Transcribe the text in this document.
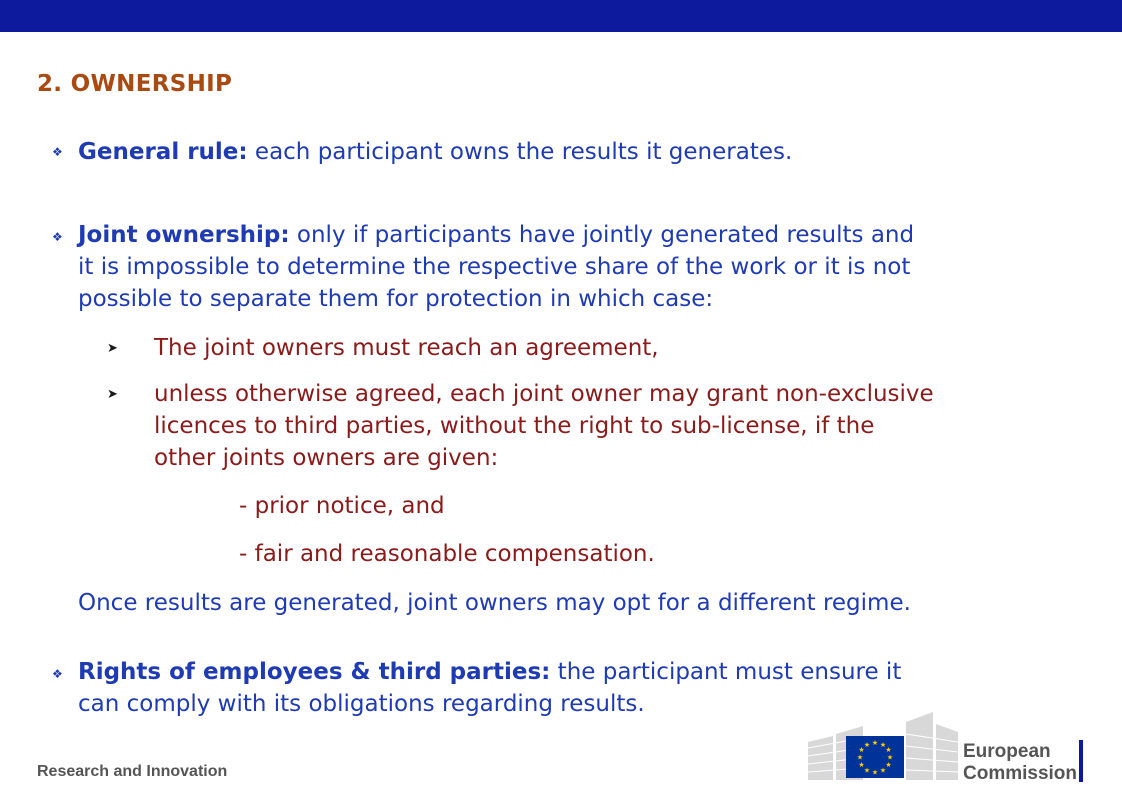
2. OWNERSHIP
❖ General rule: each participant owns the results it generates.
❖ Joint ownership: only if participants have jointly generated results and
it is impossible to determine the respective share of the work or it is not
possible to separate them for protection in which case:
➤ The joint owners must reach an agreement,
➤ unless otherwise agreed, each joint owner may grant non-exclusive
licences to third parties, without the right to sub-license, if the
other joints owners are given:
- prior notice, and
- fair and reasonable compensation.
Once results are generated, joint owners may opt for a different regime.
❖ Rights of employees & third parties: the participant must ensure it
can comply with its obligations regarding results.
Research and Innovation
★ ★
★
★
★
★
★
★
★
★
★
★	European
Commission
